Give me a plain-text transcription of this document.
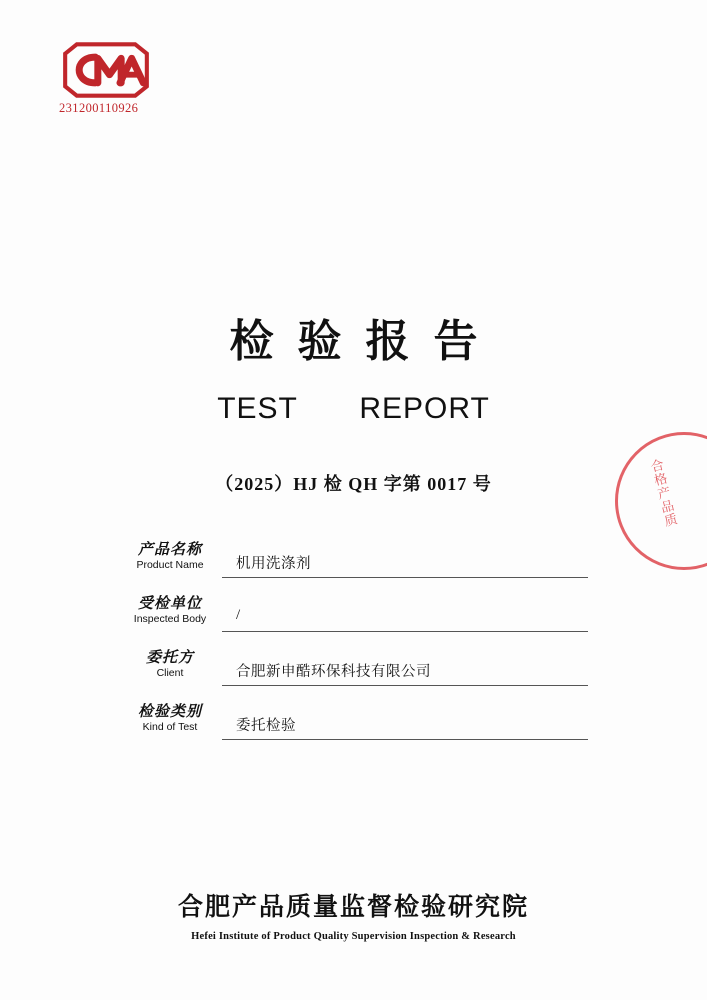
231200110926
合格产品质
检验报告
TEST　　REPORT
（2025）HJ 检 QH 字第 0017 号
产品名称
Product Name	机用洗涤剂
受检单位
Inspected Body	/
委托方
Client	合肥新申酷环保科技有限公司
检验类别
Kind of Test	委托检验
合肥产品质量监督检验研究院
Hefei Institute of Product Quality Supervision Inspection & Research
